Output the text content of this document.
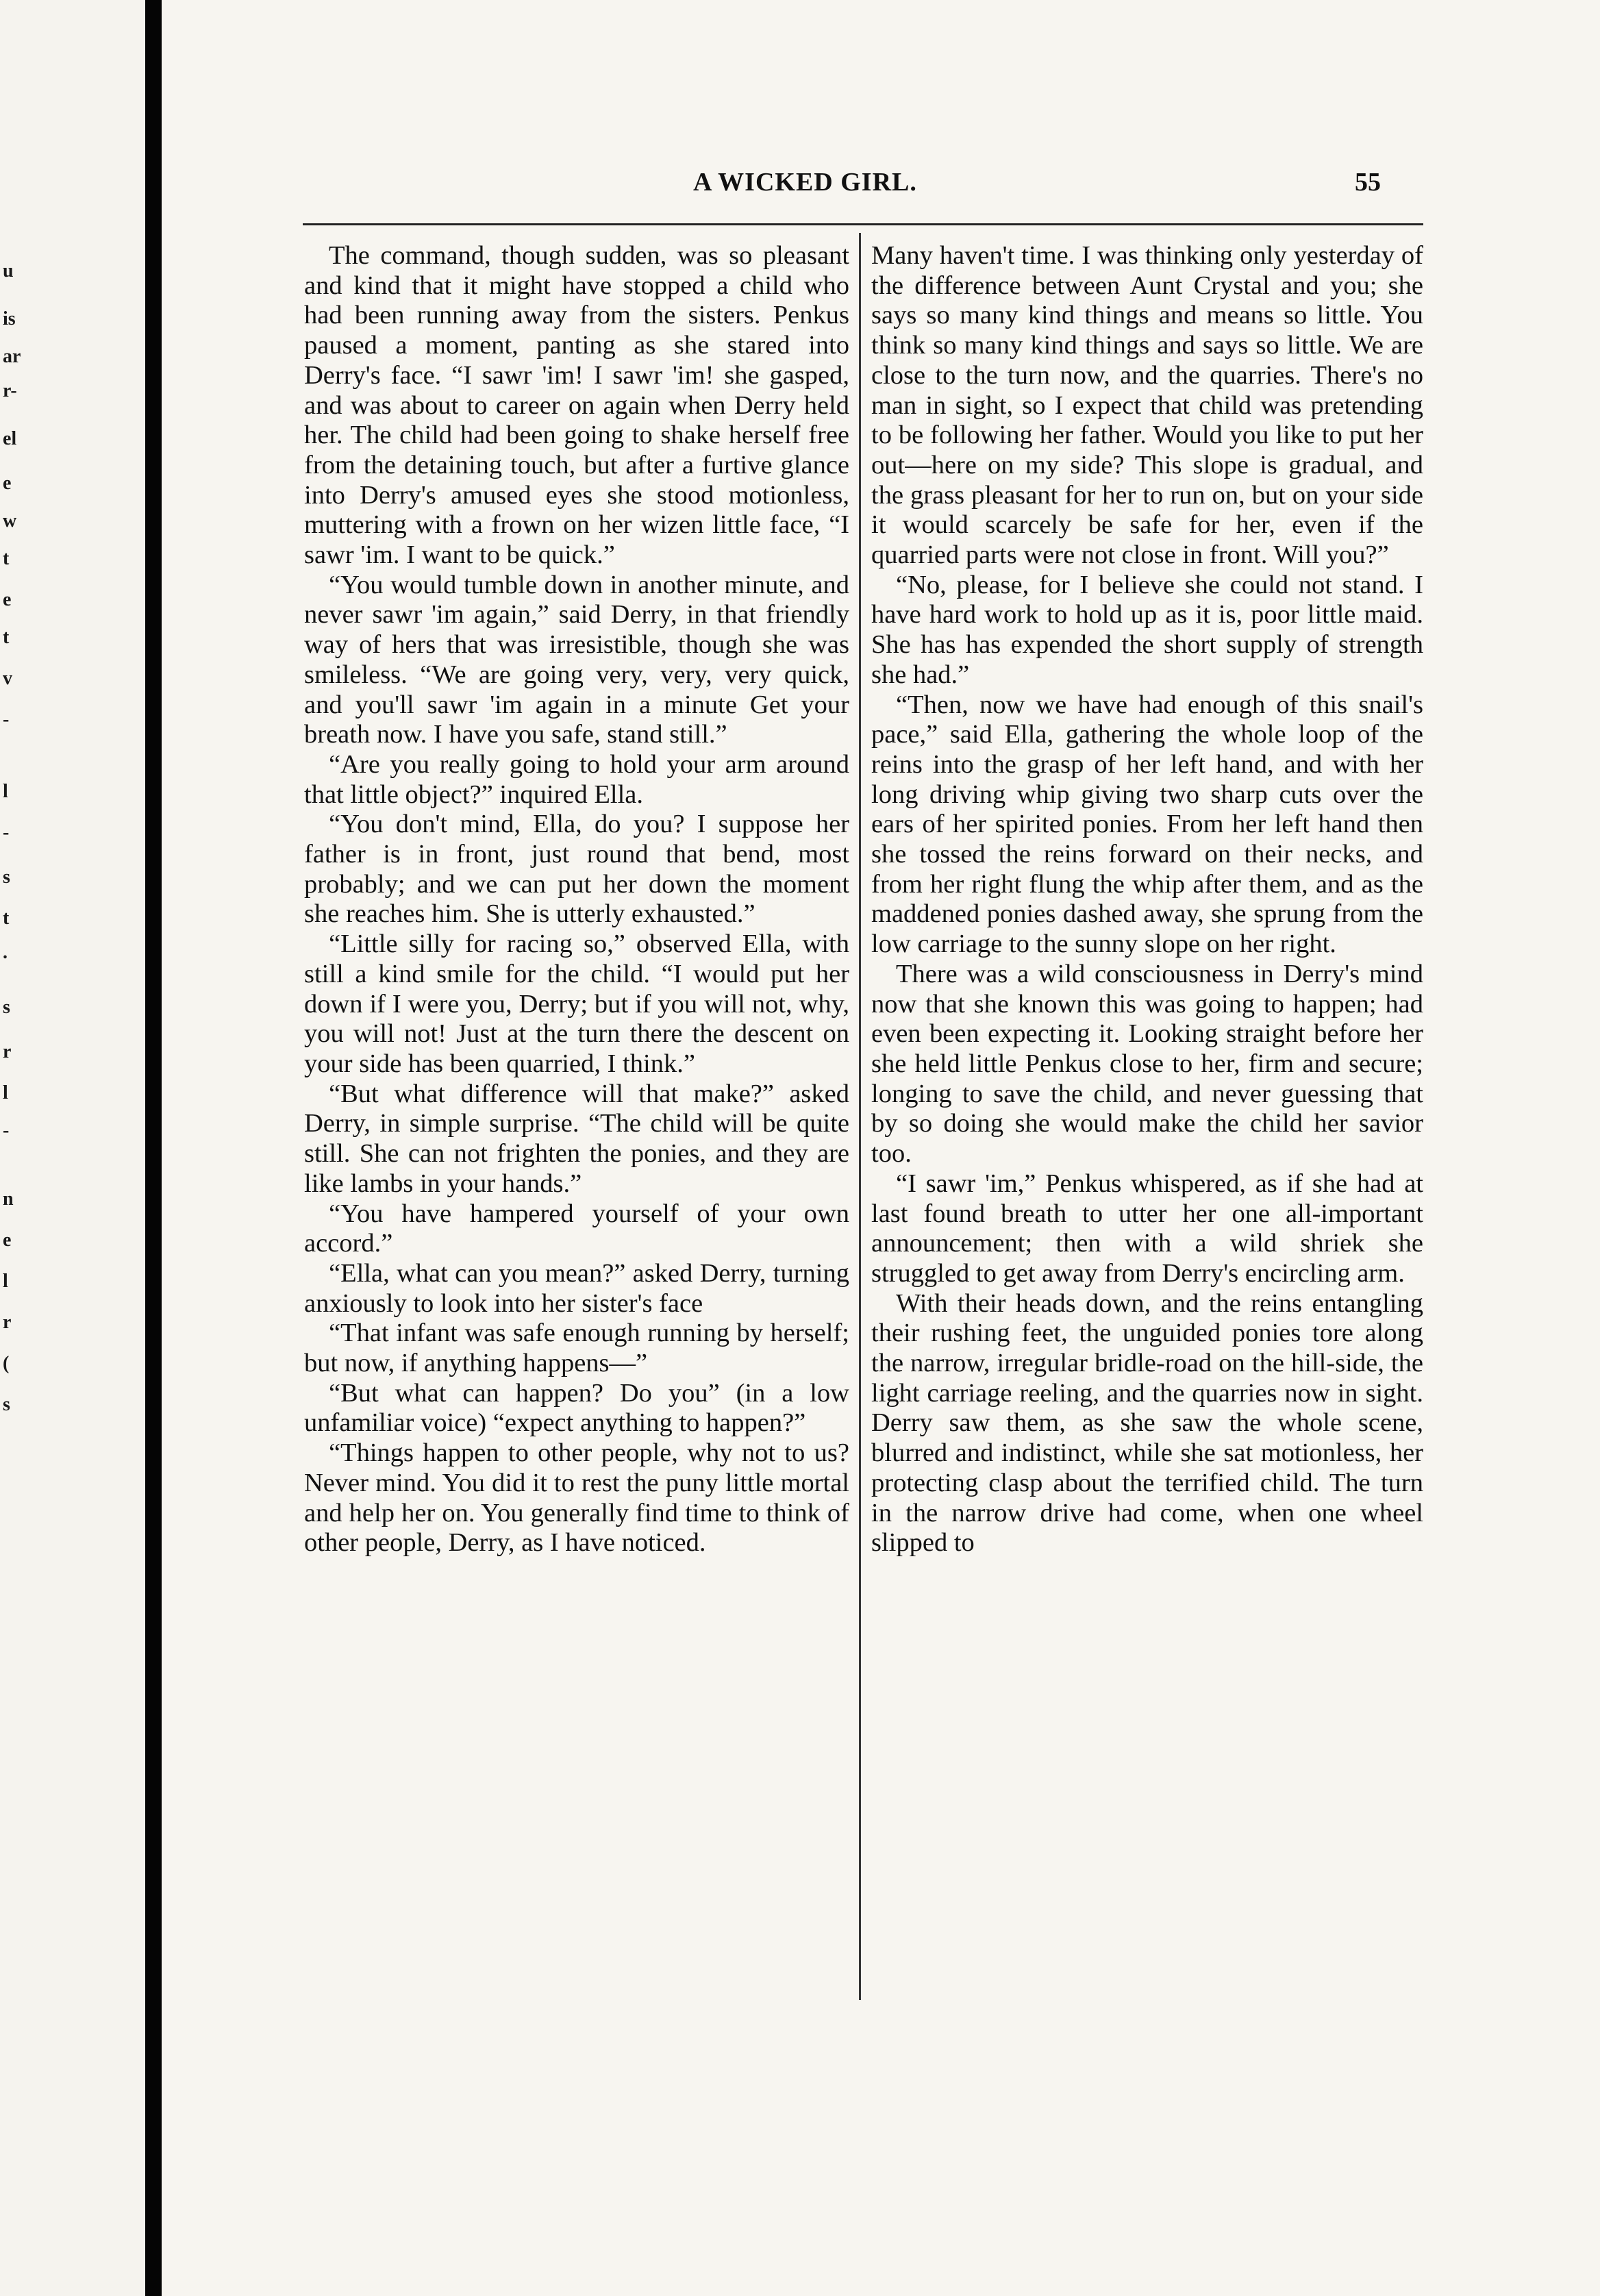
u
is
ar
r-
el
e
w
t
e
t
v
-
l
-
s
t
.
s
r
l
-
n
e
l
r
(
s
A WICKED GIRL.	55

The command, though sudden, was so pleasant and kind that it might have stopped a child who had been running away from the sisters. Penkus paused a moment, panting as she stared into Derry's face. “I sawr 'im! I sawr 'im! she gasped, and was about to career on again when Derry held her. The child had been going to shake herself free from the detaining touch, but after a furtive glance into Derry's amused eyes she stood motionless, muttering with a frown on her wizen little face, “I sawr 'im. I want to be quick.”

“You would tumble down in another minute, and never sawr 'im again,” said Derry, in that friendly way of hers that was irresistible, though she was smileless. “We are going very, very, very quick, and you'll sawr 'im again in a minute Get your breath now. I have you safe, stand still.”

“Are you really going to hold your arm around that little object?” inquired Ella.

“You don't mind, Ella, do you? I suppose her father is in front, just round that bend, most probably; and we can put her down the moment she reaches him. She is utterly exhausted.”

“Little silly for racing so,” observed Ella, with still a kind smile for the child. “I would put her down if I were you, Derry; but if you will not, why, you will not! Just at the turn there the descent on your side has been quarried, I think.”

“But what difference will that make?” asked Derry, in simple surprise. “The child will be quite still. She can not frighten the ponies, and they are like lambs in your hands.”

“You have hampered yourself of your own accord.”

“Ella, what can you mean?” asked Derry, turning anxiously to look into her sister's face

“That infant was safe enough running by herself; but now, if anything happens—”

“But what can happen? Do you” (in a low unfamiliar voice) “expect anything to happen?”

“Things happen to other people, why not to us? Never mind. You did it to rest the puny little mortal and help her on. You generally find time to think of other people, Derry, as I have noticed.

Many haven't time. I was thinking only yesterday of the difference between Aunt Crystal and you; she says so many kind things and means so little. You think so many kind things and says so little. We are close to the turn now, and the quarries. There's no man in sight, so I expect that child was pretending to be following her father. Would you like to put her out—here on my side? This slope is gradual, and the grass pleasant for her to run on, but on your side it would scarcely be safe for her, even if the quarried parts were not close in front. Will you?”

“No, please, for I believe she could not stand. I have hard work to hold up as it is, poor little maid. She has has expended the short supply of strength she had.”

“Then, now we have had enough of this snail's pace,” said Ella, gathering the whole loop of the reins into the grasp of her left hand, and with her long driving whip giving two sharp cuts over the ears of her spirited ponies. From her left hand then she tossed the reins forward on their necks, and from her right flung the whip after them, and as the maddened ponies dashed away, she sprung from the low carriage to the sunny slope on her right.

There was a wild consciousness in Derry's mind now that she known this was going to happen; had even been expecting it. Looking straight before her she held little Penkus close to her, firm and secure; longing to save the child, and never guessing that by so doing she would make the child her savior too.

“I sawr 'im,” Penkus whispered, as if she had at last found breath to utter her one all-important announcement; then with a wild shriek she struggled to get away from Derry's encircling arm.

With their heads down, and the reins entangling their rushing feet, the unguided ponies tore along the narrow, irregular bridle-road on the hill-side, the light carriage reeling, and the quarries now in sight. Derry saw them, as she saw the whole scene, blurred and indistinct, while she sat motionless, her protecting clasp about the terrified child. The turn in the narrow drive had come, when one wheel slipped to
